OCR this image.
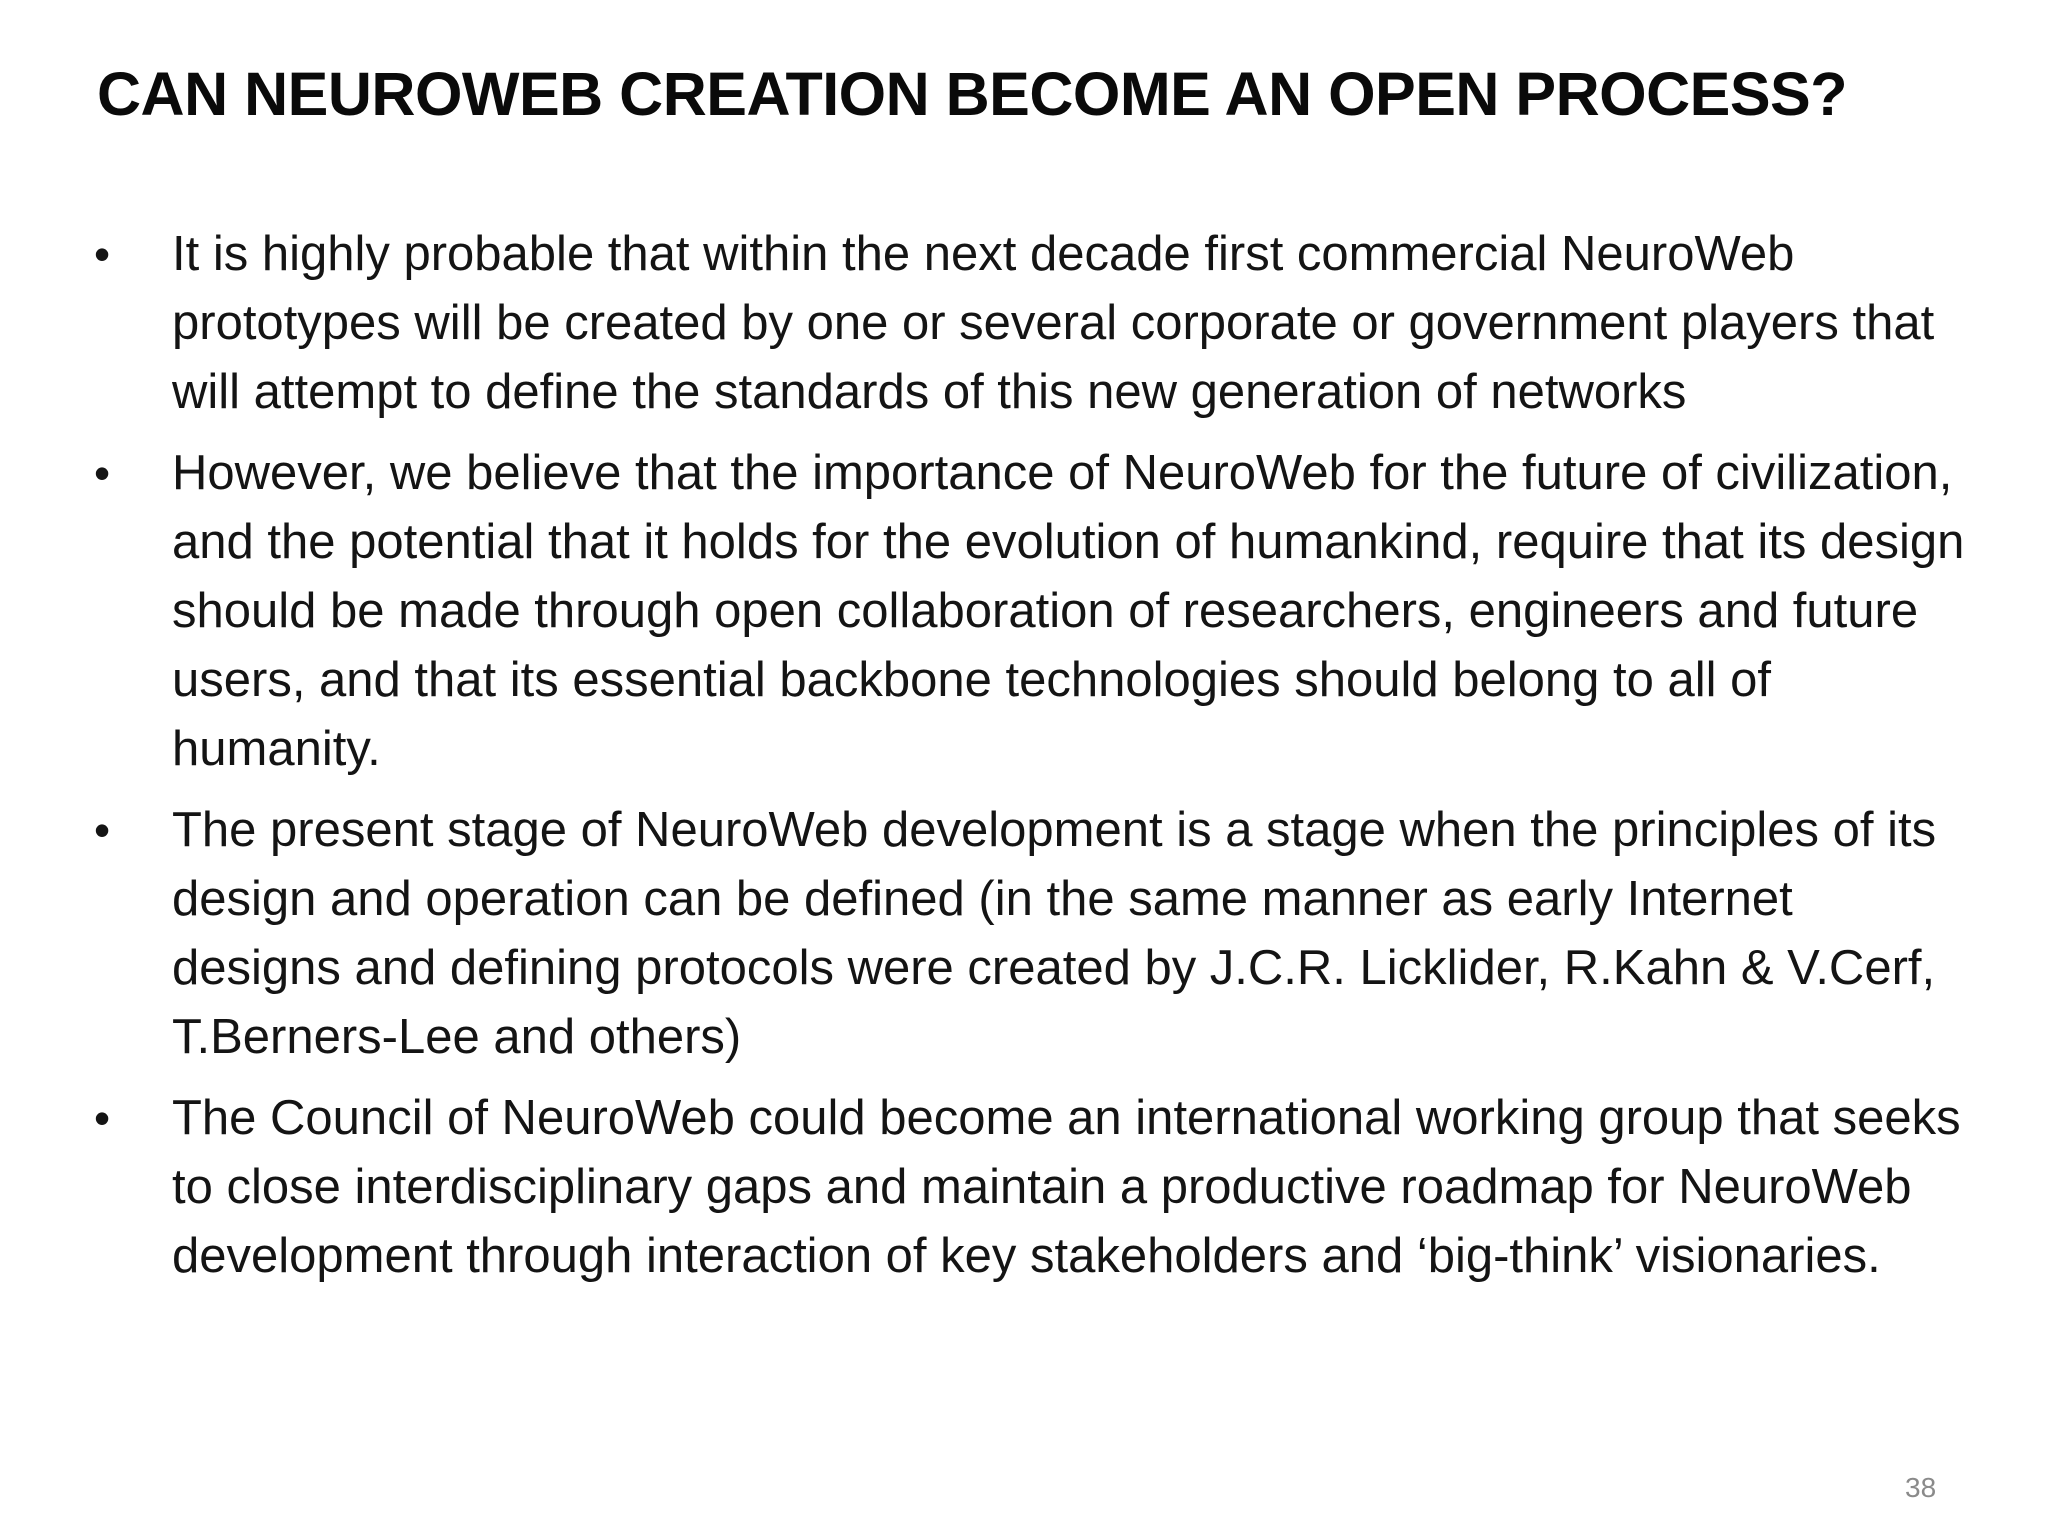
CAN NEUROWEB CREATION BECOME AN OPEN PROCESS?
•	It is highly probable that within the next decade first commercial NeuroWeb prototypes will be created by one or several corporate or government players that will attempt to define the standards of this new generation of networks
•	However, we believe that the importance of NeuroWeb for the future of civilization, and the potential that it holds for the evolution of humankind, require that its design should be made through open collaboration of researchers, engineers and future users, and that its essential backbone technologies should belong to all of humanity.
•	The present stage of NeuroWeb development is a stage when the principles of its design and operation can be defined (in the same manner as early Internet designs and defining protocols were created by J.C.R. Licklider, R.Kahn & V.Cerf, T.Berners-Lee and others)
•	The Council of NeuroWeb could become an international working group that seeks to close interdisciplinary gaps and maintain a productive roadmap for NeuroWeb development through interaction of key stakeholders and ‘big-think’ visionaries.
38
